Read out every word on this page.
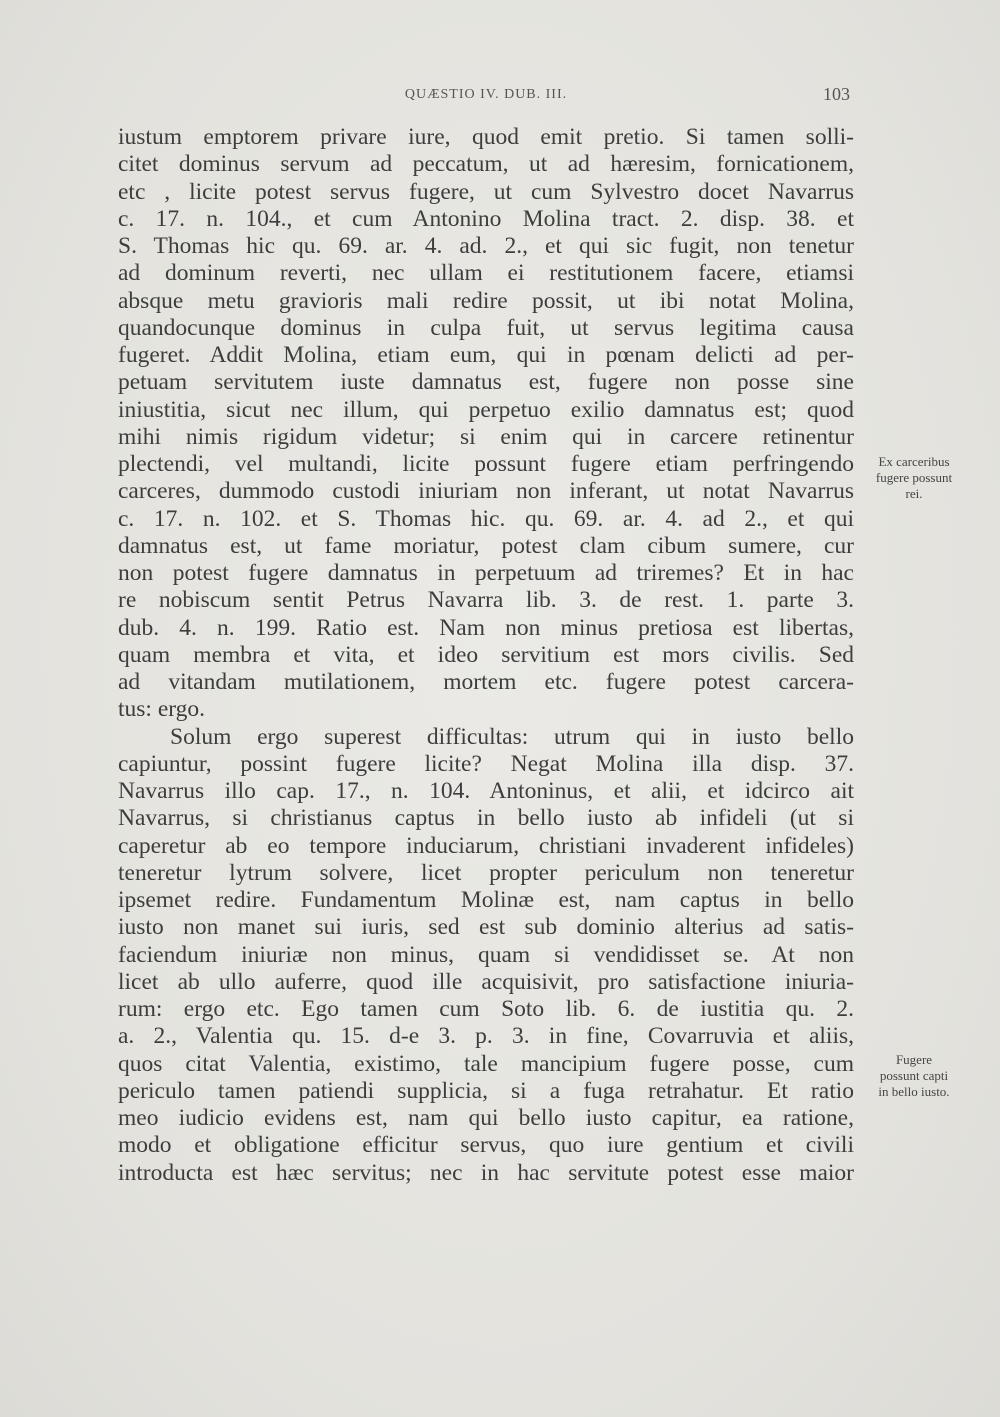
QUÆSTIO IV. DUB. III.	103
iustum emptorem privare iure, quod emit pretio. Si tamen solli-
citet dominus servum ad peccatum, ut ad hæresim, fornicationem,
etc , licite potest servus fugere, ut cum Sylvestro docet Navarrus
c. 17. n. 104., et cum Antonino Molina tract. 2. disp. 38. et
S. Thomas hic qu. 69. ar. 4. ad. 2., et qui sic fugit, non tenetur
ad dominum reverti, nec ullam ei restitutionem facere, etiamsi
absque metu gravioris mali redire possit, ut ibi notat Molina,
quandocunque dominus in culpa fuit, ut servus legitima causa
fugeret. Addit Molina, etiam eum, qui in pœnam delicti ad per-
petuam servitutem iuste damnatus est, fugere non posse sine
iniustitia, sicut nec illum, qui perpetuo exilio damnatus est; quod
mihi nimis rigidum videtur; si enim qui in carcere retinentur
plectendi, vel multandi, licite possunt fugere etiam perfringendo
carceres, dummodo custodi iniuriam non inferant, ut notat Navarrus
c. 17. n. 102. et S. Thomas hic. qu. 69. ar. 4. ad 2., et qui
damnatus est, ut fame moriatur, potest clam cibum sumere, cur
non potest fugere damnatus in perpetuum ad triremes? Et in hac
re nobiscum sentit Petrus Navarra lib. 3. de rest. 1. parte 3.
dub. 4. n. 199. Ratio est. Nam non minus pretiosa est libertas,
quam membra et vita, et ideo servitium est mors civilis. Sed
ad vitandam mutilationem, mortem etc. fugere potest carcera-
tus: ergo.
Solum ergo superest difficultas: utrum qui in iusto bello
capiuntur, possint fugere licite? Negat Molina illa disp. 37.
Navarrus illo cap. 17., n. 104. Antoninus, et alii, et idcirco ait
Navarrus, si christianus captus in bello iusto ab infideli (ut si
caperetur ab eo tempore induciarum, christiani invaderent infideles)
teneretur lytrum solvere, licet propter periculum non teneretur
ipsemet redire. Fundamentum Molinæ est, nam captus in bello
iusto non manet sui iuris, sed est sub dominio alterius ad satis-
faciendum iniuriæ non minus, quam si vendidisset se. At non
licet ab ullo auferre, quod ille acquisivit, pro satisfactione iniuria-
rum: ergo etc. Ego tamen cum Soto lib. 6. de iustitia qu. 2.
a. 2., Valentia qu. 15. d-e 3. p. 3. in fine, Covarruvia et aliis,
quos citat Valentia, existimo, tale mancipium fugere posse, cum
periculo tamen patiendi supplicia, si a fuga retrahatur. Et ratio
meo iudicio evidens est, nam qui bello iusto capitur, ea ratione,
modo et obligatione efficitur servus, quo iure gentium et civili
introducta est hæc servitus; nec in hac servitute potest esse maior
Ex carceribus
fugere possunt
rei.
Fugere
possunt capti
in bello iusto.
